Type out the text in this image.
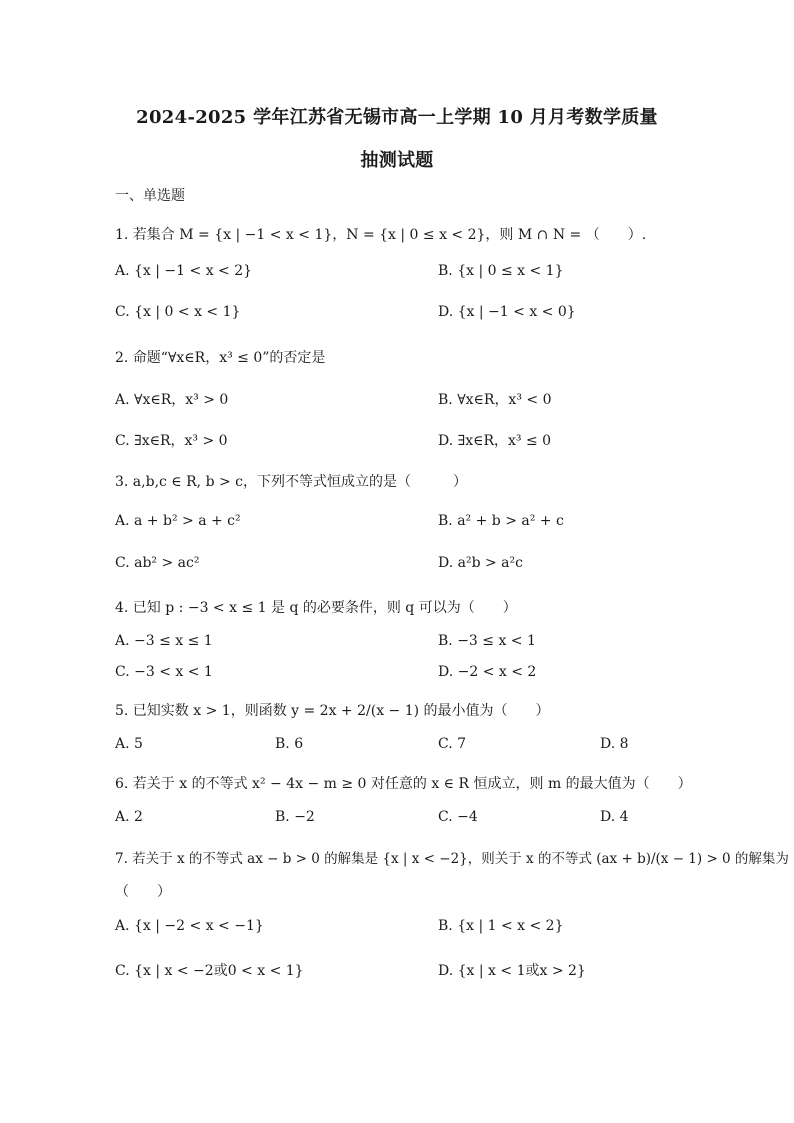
2024-2025 学年江苏省无锡市高一上学期 10 月月考数学质量
抽测试题
一、单选题
1. 若集合 M = {x | −1 < x < 1}，N = {x | 0 ≤ x < 2}，则 M ∩ N = （　　）.
A. {x | −1 < x < 2}	B. {x | 0 ≤ x < 1}
C. {x | 0 < x < 1}	D. {x | −1 < x < 0}
2. 命题“∀x∈R，x³ ≤ 0”的否定是
A. ∀x∈R，x³ > 0	B. ∀x∈R，x³ < 0
C. ∃x∈R，x³ > 0	D. ∃x∈R，x³ ≤ 0
3. a,b,c ∈ R, b > c，下列不等式恒成立的是（　　　）
A. a + b² > a + c²	B. a² + b > a² + c
C. ab² > ac²	D. a²b > a²c
4. 已知 p : −3 < x ≤ 1 是 q 的必要条件，则 q 可以为（　　）
A. −3 ≤ x ≤ 1	B. −3 ≤ x < 1
C. −3 < x < 1	D. −2 < x < 2
5. 已知实数 x > 1，则函数 y = 2x + 2/(x − 1) 的最小值为（　　）
A. 5	B. 6	C. 7	D. 8
6. 若关于 x 的不等式 x² − 4x − m ≥ 0 对任意的 x ∈ R 恒成立，则 m 的最大值为（　　）
A. 2	B. −2	C. −4	D. 4
7. 若关于 x 的不等式 ax − b > 0 的解集是 {x | x < −2}，则关于 x 的不等式 (ax + b)/(x − 1) > 0 的解集为
（　　）
A. {x | −2 < x < −1}	B. {x | 1 < x < 2}
C. {x | x < −2或0 < x < 1}	D. {x | x < 1或x > 2}
